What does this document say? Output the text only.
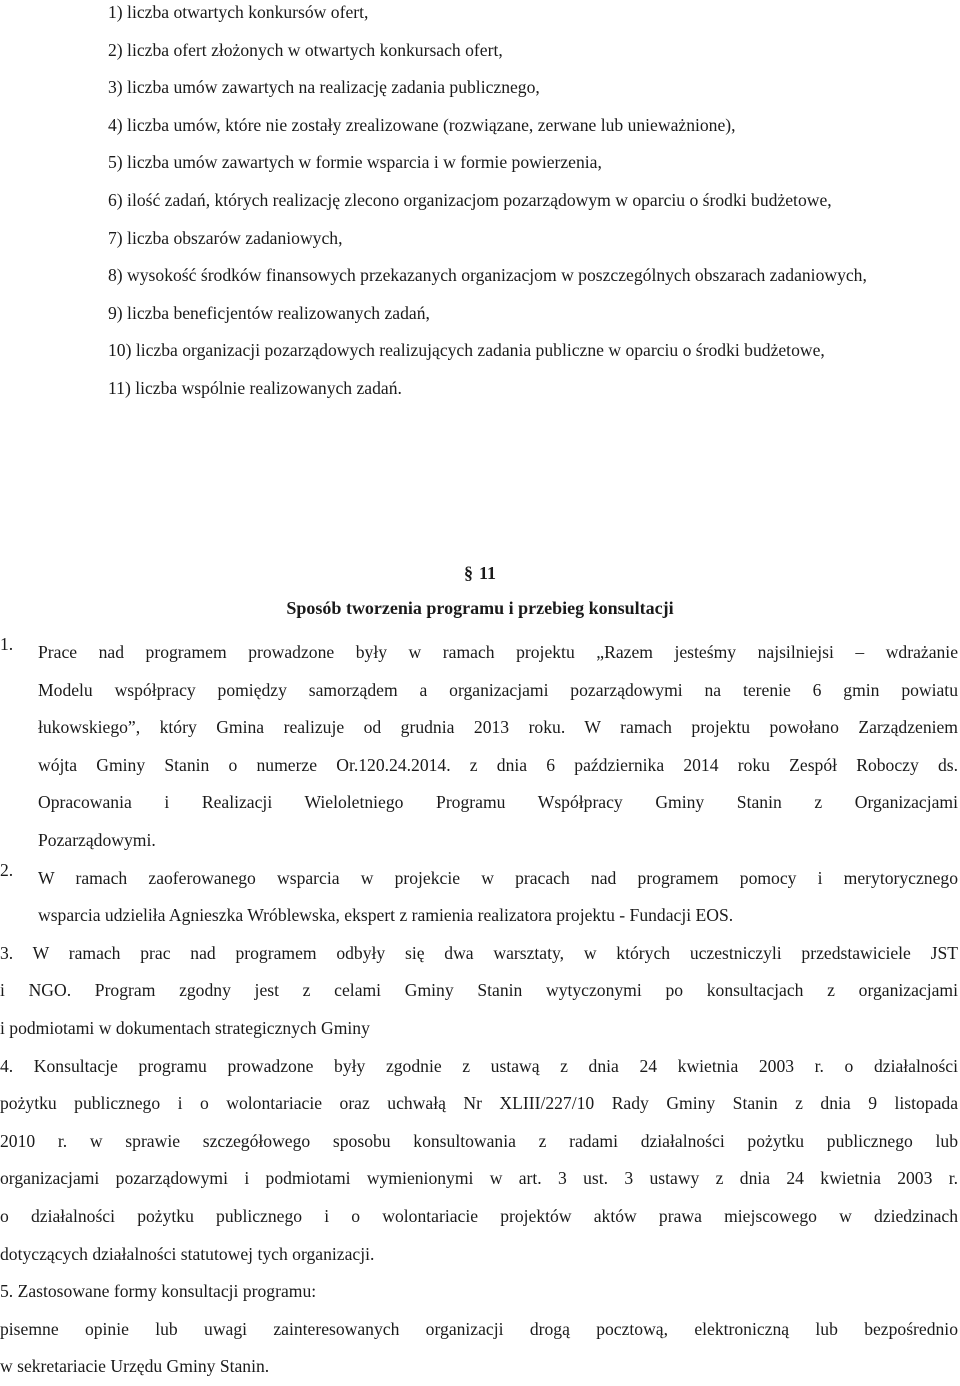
1) liczba otwartych konkursów ofert,

2) liczba ofert złożonych w otwartych konkursach ofert,

3) liczba umów zawartych na realizację zadania publicznego,

4) liczba umów, które nie zostały zrealizowane (rozwiązane, zerwane lub unieważnione),

5) liczba umów zawartych w formie wsparcia i w formie powierzenia,

6) ilość zadań, których realizację zlecono organizacjom pozarządowym w oparciu o środki budżetowe,

7) liczba obszarów zadaniowych,

8) wysokość środków finansowych przekazanych organizacjom w poszczególnych obszarach zadaniowych,

9) liczba beneficjentów realizowanych zadań,

10) liczba organizacji pozarządowych realizujących zadania publiczne w oparciu o środki budżetowe,

11) liczba wspólnie realizowanych zadań.

§ 11
Sposób tworzenia programu i przebieg konsultacji
1. Prace nad programem prowadzone były w ramach projektu „Razem jesteśmy najsilniejsi – wdrażanie

Modelu współpracy pomiędzy samorządem a organizacjami pozarządowymi na terenie 6 gmin powiatu

łukowskiego”, który Gmina realizuje od grudnia 2013 roku. W ramach projektu powołano Zarządzeniem

wójta Gminy Stanin o numerze Or.120.24.2014. z dnia 6 października 2014 roku Zespół Roboczy ds.

Opracowania i Realizacji Wieloletniego Programu Współpracy Gminy Stanin z Organizacjami

Pozarządowymi.

2. W ramach zaoferowanego wsparcia w projekcie w pracach nad programem pomocy i merytorycznego

wsparcia udzieliła Agnieszka Wróblewska, ekspert z ramienia realizatora projektu - Fundacji EOS.

3. W ramach prac nad programem odbyły się dwa warsztaty, w których uczestniczyli przedstawiciele JST

i NGO. Program zgodny jest z celami Gminy Stanin wytyczonymi po konsultacjach z organizacjami

i podmiotami w dokumentach strategicznych Gminy

4. Konsultacje programu prowadzone były zgodnie z ustawą z dnia 24 kwietnia 2003 r. o działalności

pożytku publicznego i o wolontariacie oraz uchwałą Nr XLIII/227/10 Rady Gminy Stanin z dnia 9 listopada

2010 r. w sprawie szczegółowego sposobu konsultowania z radami działalności pożytku publicznego lub

organizacjami pozarządowymi i podmiotami wymienionymi w art. 3 ust. 3 ustawy z dnia 24 kwietnia 2003 r.

o działalności pożytku publicznego i o wolontariacie projektów aktów prawa miejscowego w dziedzinach

dotyczących działalności statutowej tych organizacji.

5. Zastosowane formy konsultacji programu:

pisemne opinie lub uwagi zainteresowanych organizacji drogą pocztową, elektroniczną lub bezpośrednio

w sekretariacie Urzędu Gminy Stanin.
